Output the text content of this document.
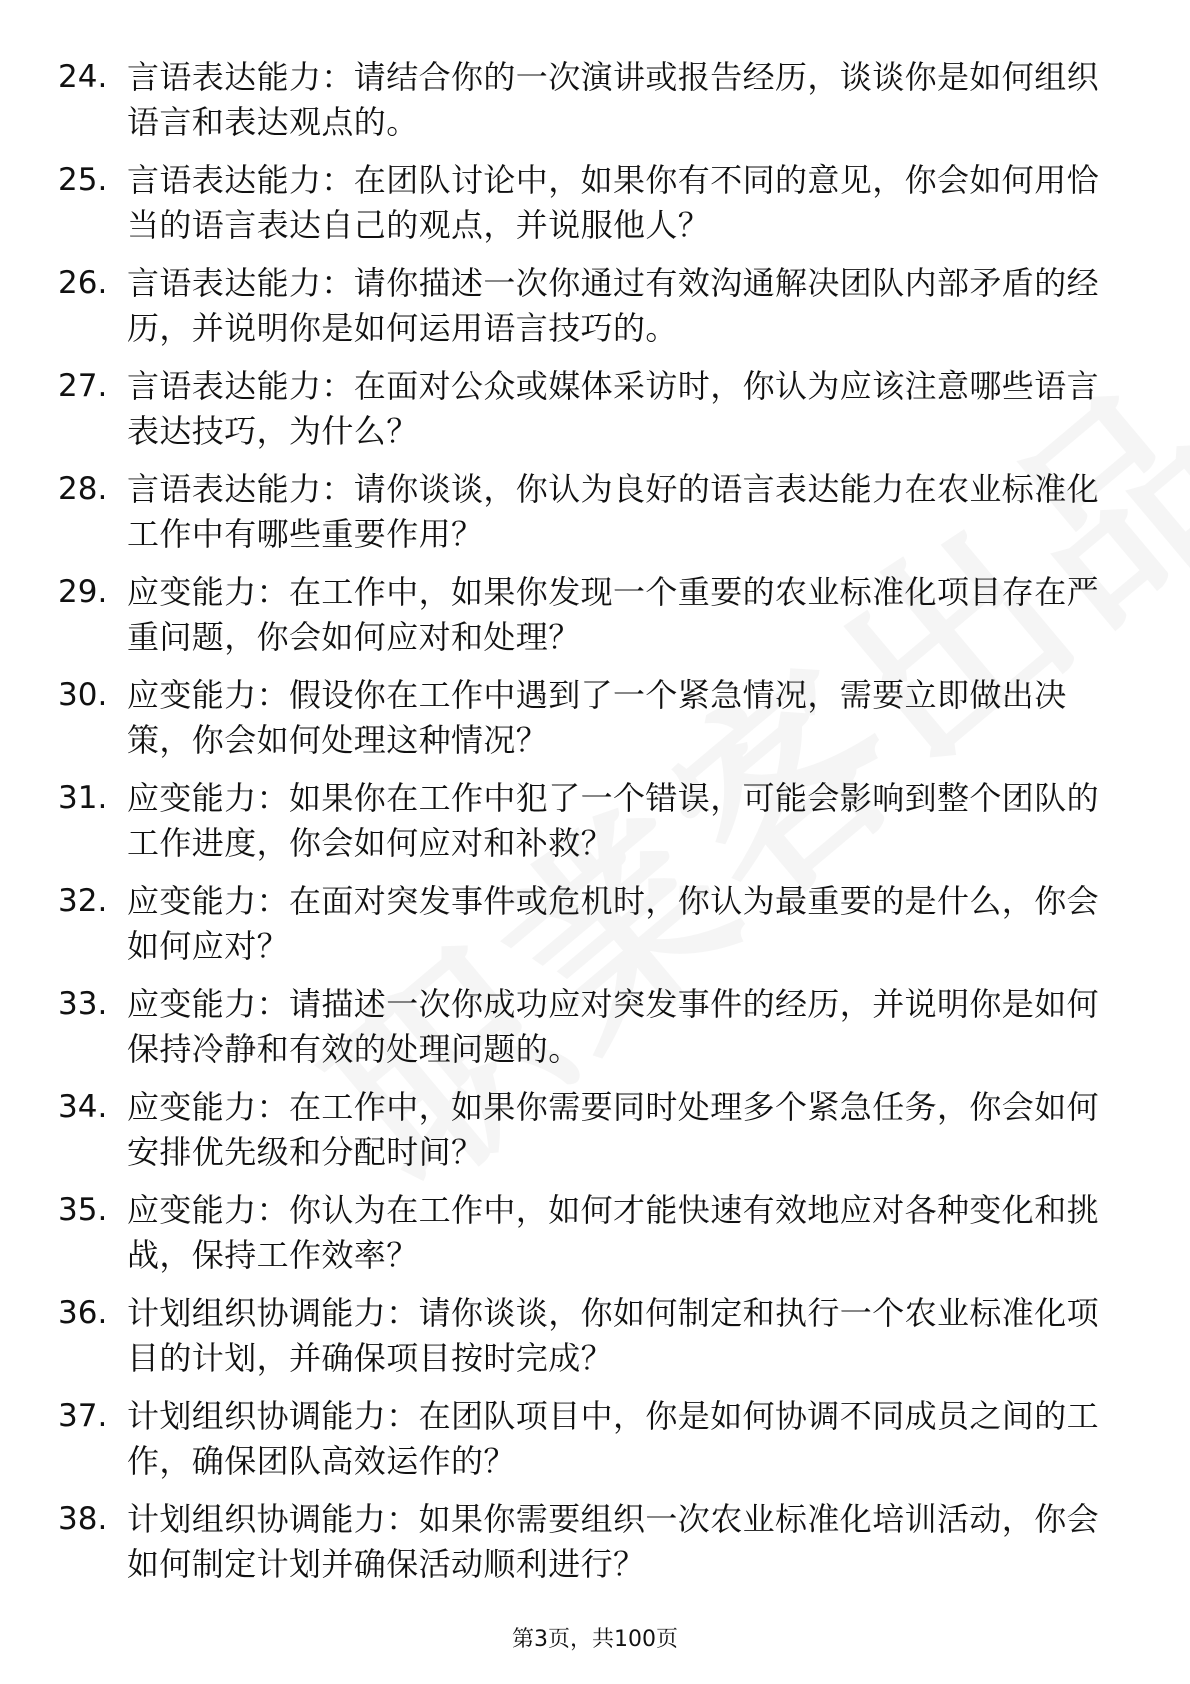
24. 言语表达能力：请结合你的一次演讲或报告经历，谈谈你是如何组织语言和表达观点的。

25. 言语表达能力：在团队讨论中，如果你有不同的意见，你会如何用恰当的语言表达自己的观点，并说服他人？

26. 言语表达能力：请你描述一次你通过有效沟通解决团队内部矛盾的经历，并说明你是如何运用语言技巧的。

27. 言语表达能力：在面对公众或媒体采访时，你认为应该注意哪些语言表达技巧，为什么？

28. 言语表达能力：请你谈谈，你认为良好的语言表达能力在农业标准化工作中有哪些重要作用？

29. 应变能力：在工作中，如果你发现一个重要的农业标准化项目存在严重问题，你会如何应对和处理？

30. 应变能力：假设你在工作中遇到了一个紧急情况，需要立即做出决策，你会如何处理这种情况？

31. 应变能力：如果你在工作中犯了一个错误，可能会影响到整个团队的工作进度，你会如何应对和补救？

32. 应变能力：在面对突发事件或危机时，你认为最重要的是什么，你会如何应对？

33. 应变能力：请描述一次你成功应对突发事件的经历，并说明你是如何保持冷静和有效的处理问题的。

34. 应变能力：在工作中，如果你需要同时处理多个紧急任务，你会如何安排优先级和分配时间？

35. 应变能力：你认为在工作中，如何才能快速有效地应对各种变化和挑战，保持工作效率？

36. 计划组织协调能力：请你谈谈，你如何制定和执行一个农业标准化项目的计划，并确保项目按时完成？

37. 计划组织协调能力：在团队项目中，你是如何协调不同成员之间的工作，确保团队高效运作的？

38. 计划组织协调能力：如果你需要组织一次农业标准化培训活动，你会如何制定计划并确保活动顺利进行？

第3页，共100页
